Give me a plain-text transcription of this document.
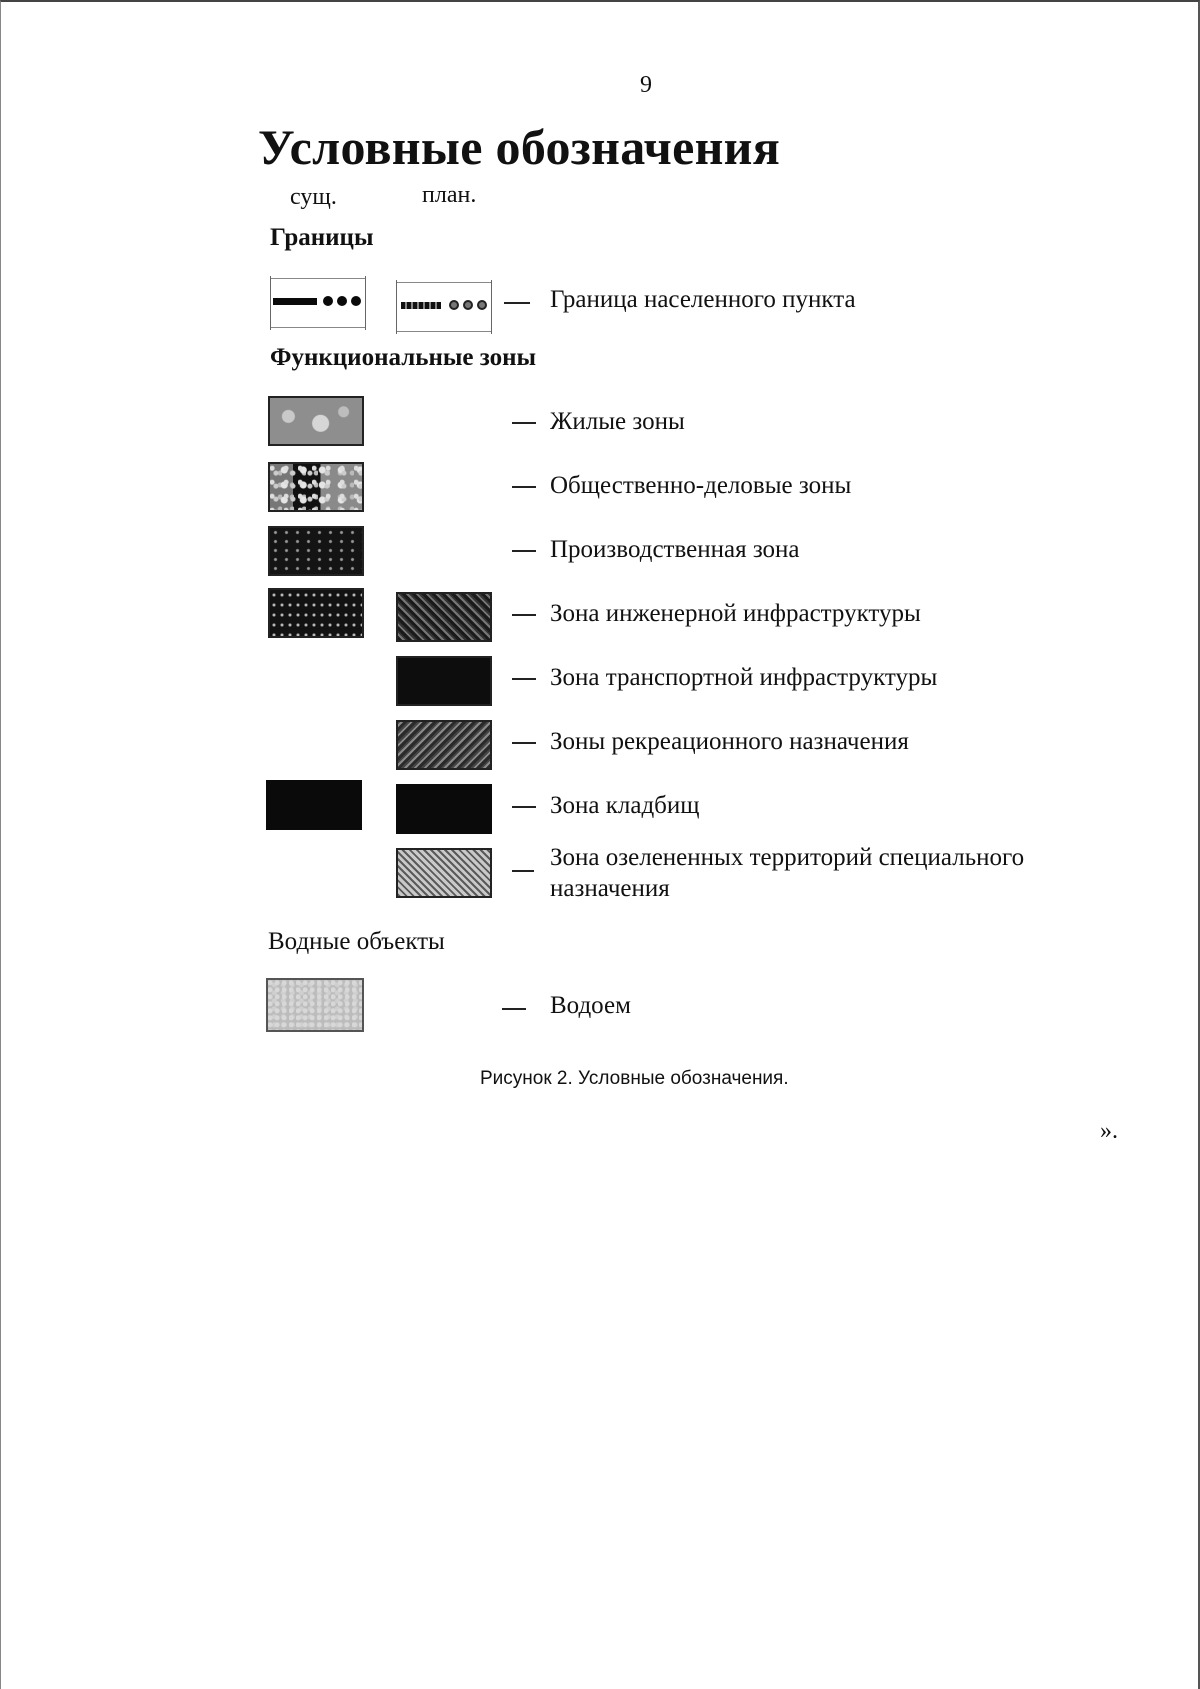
9
Условные обозначения
сущ.	план.
Границы
Граница населенного пункта
Функциональные зоны
Жилые зоны
Общественно-деловые зоны
Производственная зона
Зона инженерной инфраструктуры
Зона транспортной инфраструктуры
Зоны рекреационного назначения
Зона кладбищ
Зона озелененных территорий специального назначения
Водные объекты
Водоем
Рисунок 2. Условные обозначения.
».
